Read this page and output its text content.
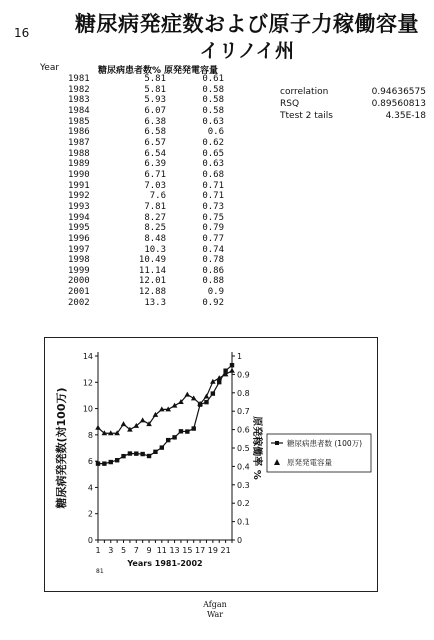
16	糖尿病発症数および原子力稼働容量
イリノイ州
Year	糖尿病患者数% 原発発電容量
1981	5.81	0.61
1982	5.81	0.58
1983	5.93	0.58
1984	6.07	0.58
1985	6.38	0.63
1986	6.58	0.6
1987	6.57	0.62
1988	6.54	0.65
1989	6.39	0.63
1990	6.71	0.68
1991	7.03	0.71
1992	7.6	0.71
1993	7.81	0.73
1994	8.27	0.75
1995	8.25	0.79
1996	8.48	0.77
1997	10.3	0.74
1998	10.49	0.78
1999	11.14	0.86
2000	12.01	0.88
2001	12.88	0.9
2002	13.3	0.92
correlation	0.94636575
RSQ	0.89560813
Ttest 2 tails	4.35E-18
0
2
4
6
8
10
12
14
0
0.1
0.2
0.3
0.4
0.5
0.6
0.7
0.8
0.9
1
1 3 5 7 9 11 13 15 17 19 21
Years 1981-2002
糖尿病発発数(対100万)	原発稼働率 %
81
糖尿病患者数 (100万)
原発発電容量
Afgan
War
